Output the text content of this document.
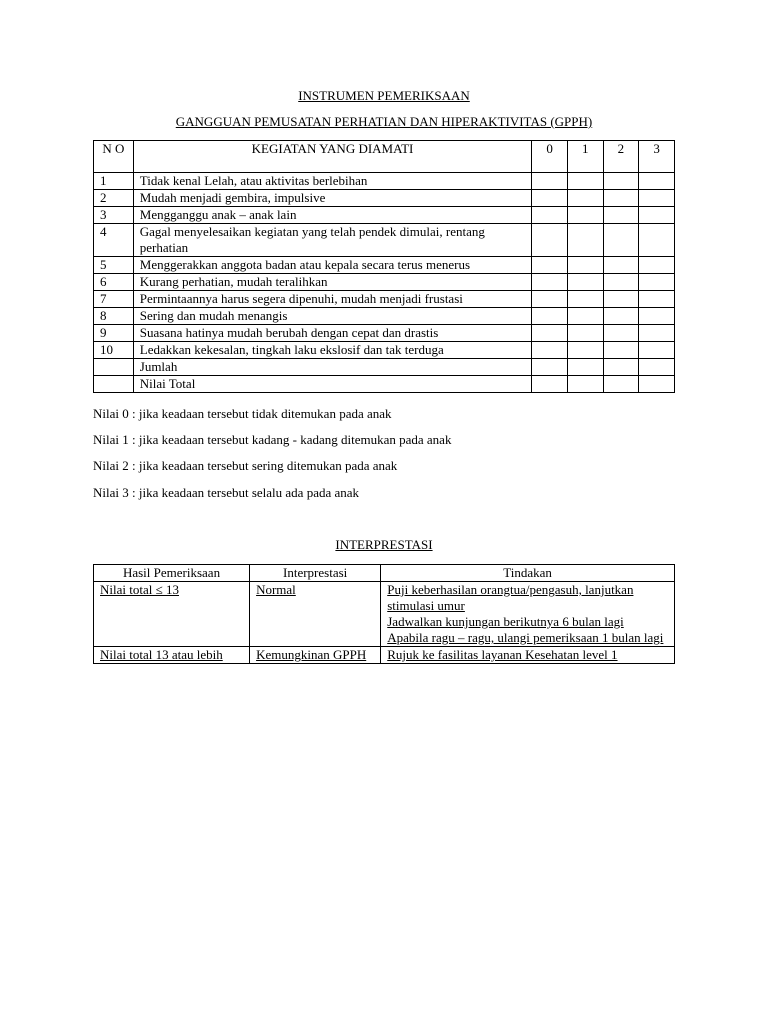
INSTRUMEN PEMERIKSAAN
GANGGUAN PEMUSATAN PERHATIAN DAN HIPERAKTIVITAS (GPPH)
N O	KEGIATAN YANG DIAMATI	0	1	2	3
1	Tidak kenal Lelah, atau aktivitas berlebihan				
2	Mudah menjadi gembira, impulsive				
3	Mengganggu anak – anak lain				
4	Gagal menyelesaikan kegiatan yang telah pendek dimulai, rentang perhatian				
5	Menggerakkan anggota badan atau kepala secara terus menerus				
6	Kurang perhatian, mudah teralihkan				
7	Permintaannya harus segera dipenuhi, mudah menjadi frustasi				
8	Sering dan mudah menangis				
9	Suasana hatinya mudah berubah dengan cepat dan drastis				
10	Ledakkan kekesalan, tingkah laku ekslosif dan tak terduga				
	Jumlah				
	Nilai Total				
Nilai 0 : jika keadaan tersebut tidak ditemukan pada anak
Nilai 1 : jika keadaan tersebut kadang - kadang ditemukan pada anak
Nilai 2 : jika keadaan tersebut sering ditemukan pada anak
Nilai 3 : jika keadaan tersebut selalu ada pada anak
INTERPRESTASI
Hasil Pemeriksaan	Interprestasi	Tindakan

Nilai total ≤ 13	Normal	Puji keberhasilan orangtua/pengasuh, lanjutkan stimulasi umur
Jadwalkan kunjungan berikutnya 6 bulan lagi
Apabila ragu – ragu, ulangi pemeriksaan 1 bulan lagi

Nilai total 13 atau lebih	Kemungkinan GPPH	Rujuk ke fasilitas layanan Kesehatan level 1
